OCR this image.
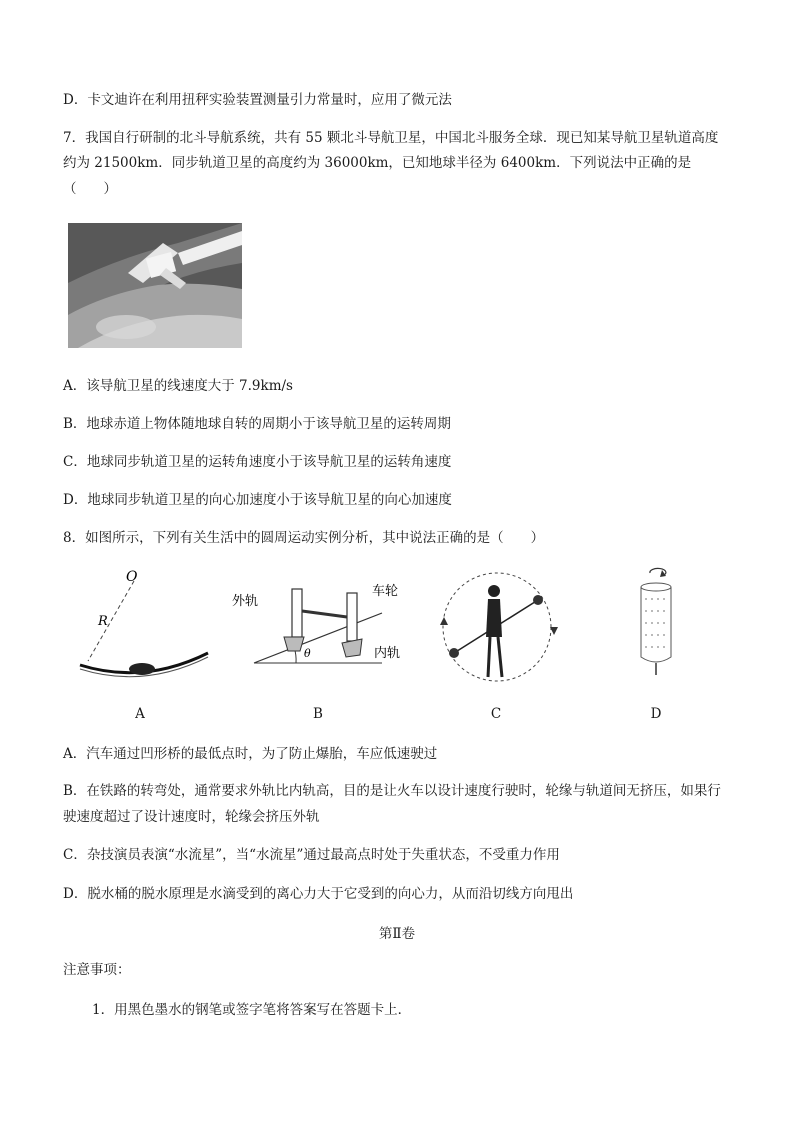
D．卡文迪许在利用扭秤实验装置测量引力常量时，应用了微元法
7．我国自行研制的北斗导航系统，共有 55 颗北斗导航卫星，中国北斗服务全球．现已知某导航卫星轨道高度
约为 21500km．同步轨道卫星的高度约为 36000km，已知地球半径为 6400km．下列说法中正确的是
（　　）
A．该导航卫星的线速度大于 7.9km/s
B．地球赤道上物体随地球自转的周期小于该导航卫星的运转周期
C．地球同步轨道卫星的运转角速度小于该导航卫星的运转角速度
D．地球同步轨道卫星的向心加速度小于该导航卫星的向心加速度
8．如图所示，下列有关生活中的圆周运动实例分析，其中说法正确的是（　　）
O
R
θ
外轨
车轮
内轨
A	B	C	D
A．汽车通过凹形桥的最低点时，为了防止爆胎，车应低速驶过
B．在铁路的转弯处，通常要求外轨比内轨高，目的是让火车以设计速度行驶时，轮缘与轨道间无挤压，如果行驶速度超过了设计速度时，轮缘会挤压外轨
C．杂技演员表演“水流星”，当“水流星”通过最高点时处于失重状态，不受重力作用
D．脱水桶的脱水原理是水滴受到的离心力大于它受到的向心力，从而沿切线方向甩出
第Ⅱ卷
注意事项：
1．用黑色墨水的钢笔或签字笔将答案写在答题卡上．
